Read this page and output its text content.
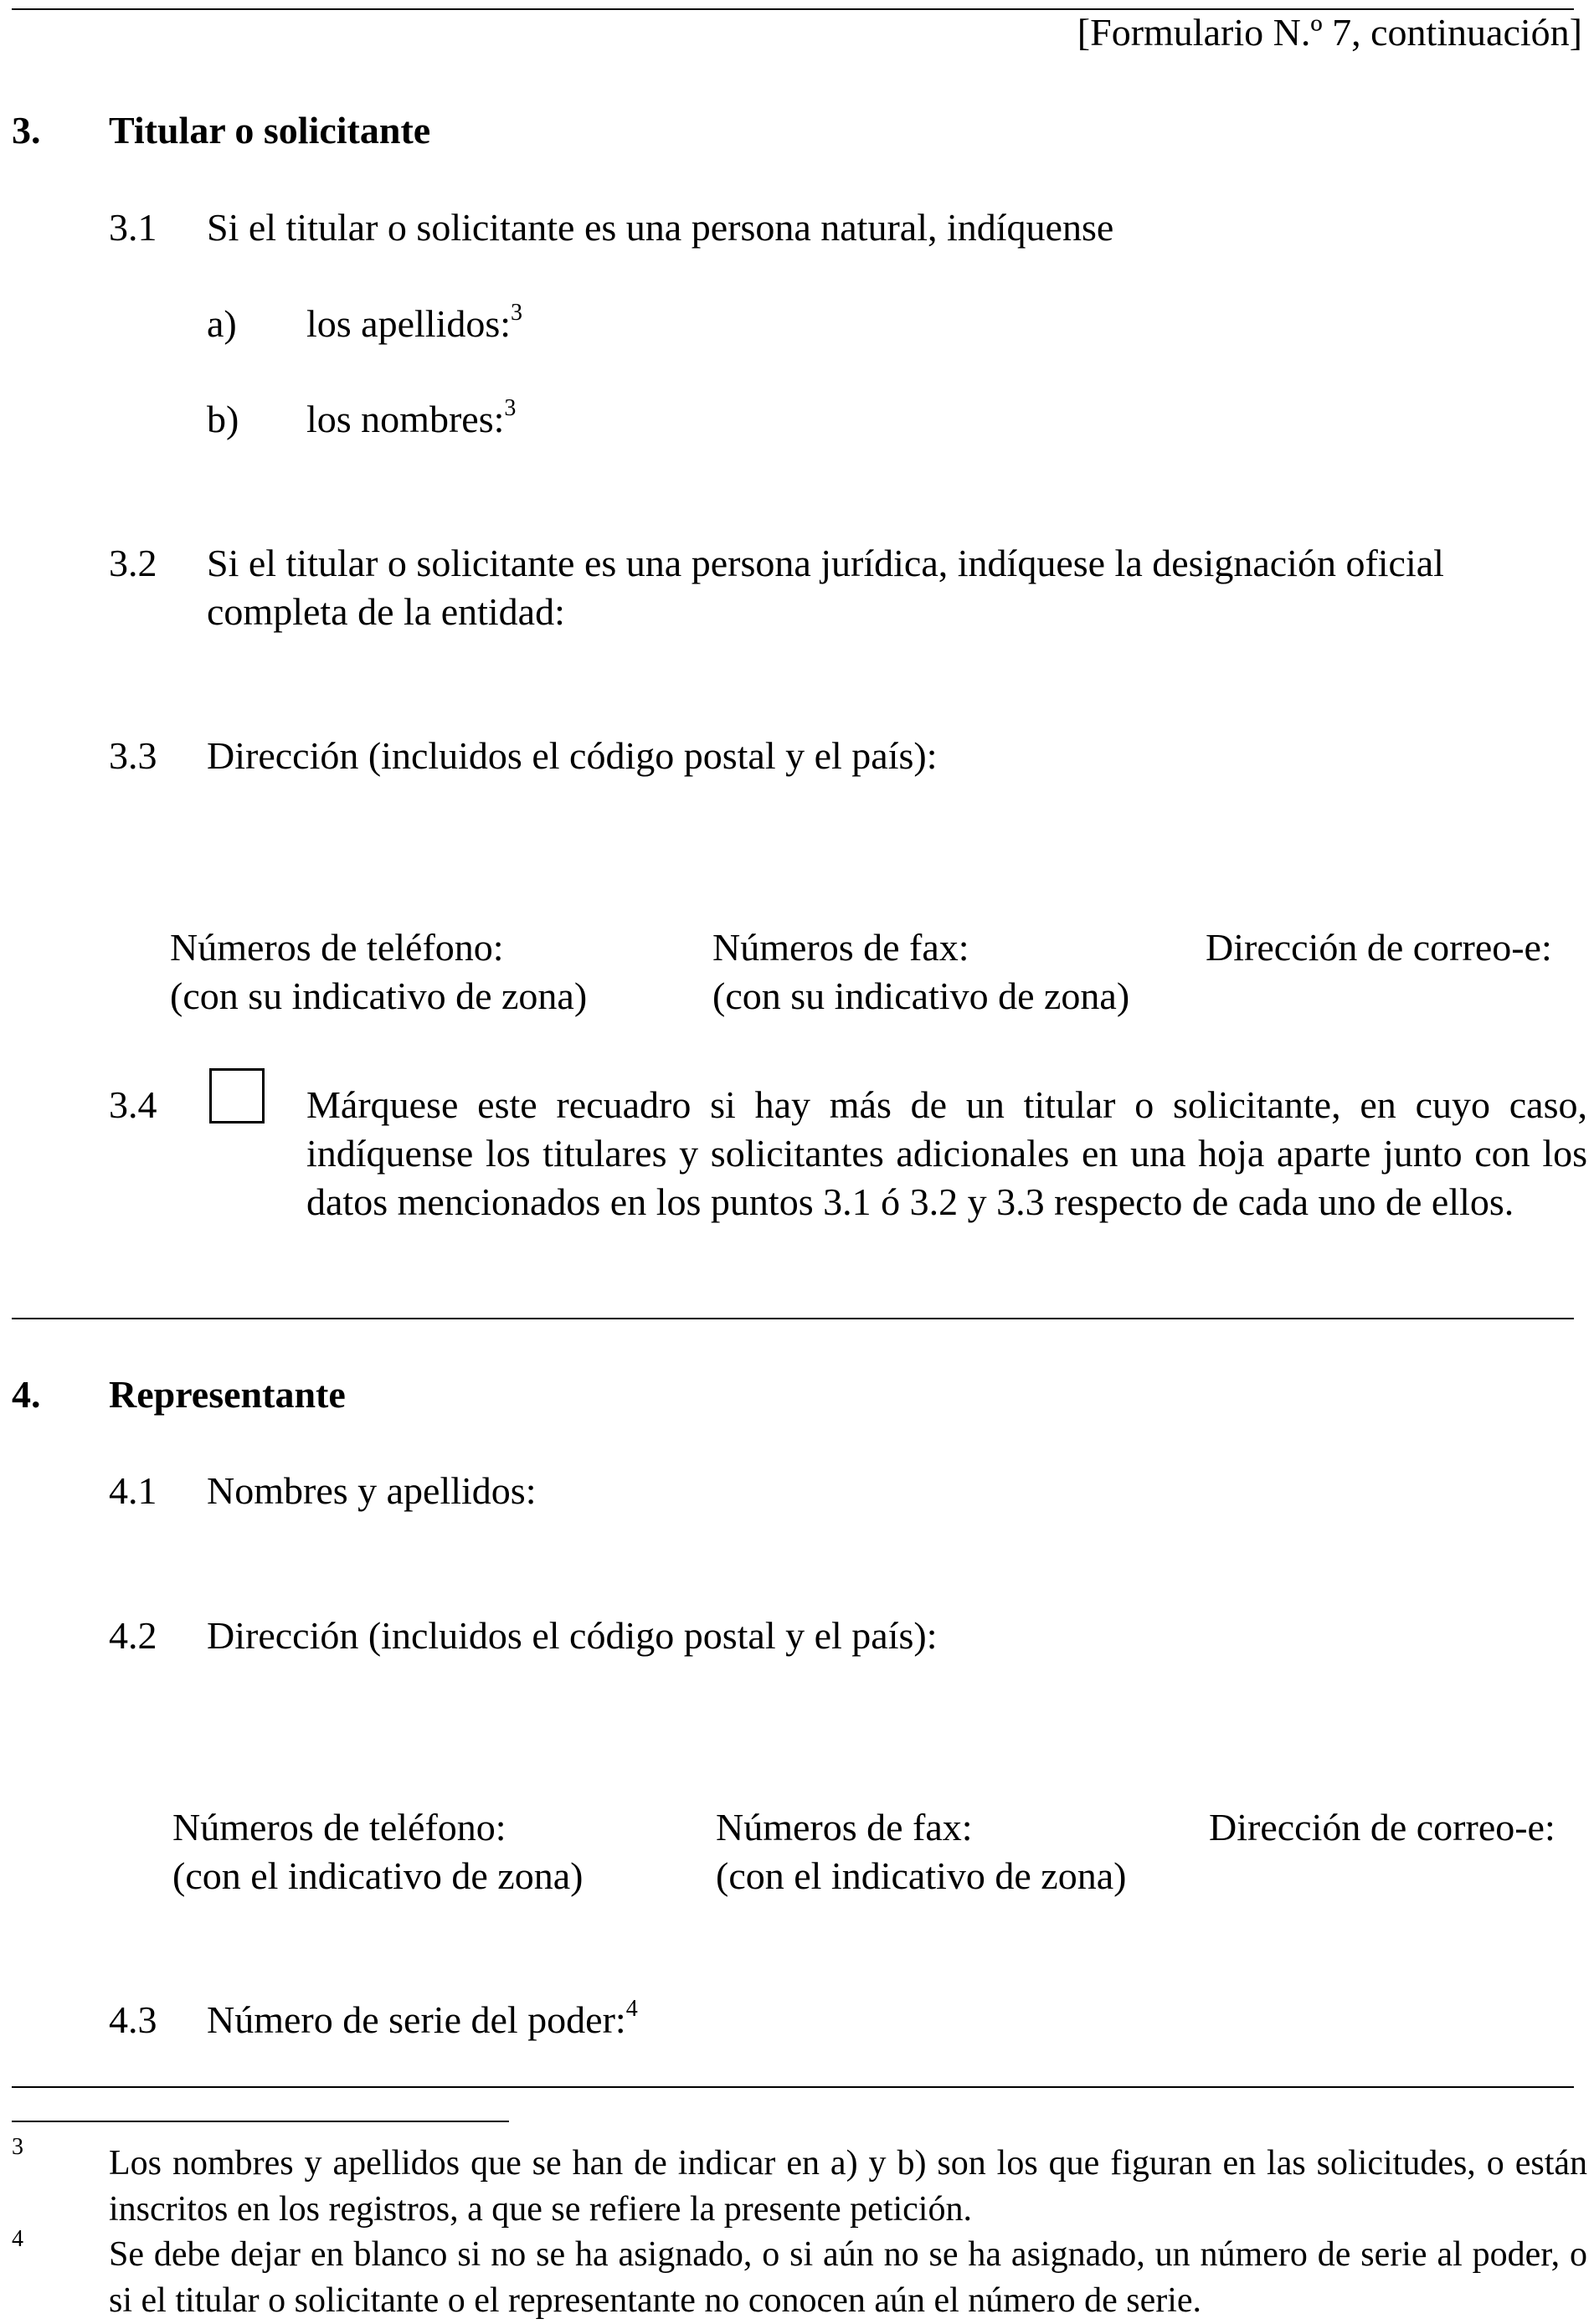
[Formulario N.º 7, continuación]
3. Titular o solicitante
3.1 Si el titular o solicitante es una persona natural, indíquense
a) los apellidos:$^3$
b) los nombres:$^3$
3.2 Si el titular o solicitante es una persona jurídica, indíquese la designación oficial
completa de la entidad:
3.3 Dirección (incluidos el código postal y el país):
Números de teléfono:
(con su indicativo de zona)
Números de fax:
(con su indicativo de zona)
Dirección de correo-e:
3.4	Márquese este recuadro si hay más de un titular o solicitante, en cuyo caso, indíquense los titulares y solicitantes adicionales en una hoja aparte junto con los datos mencionados en los puntos 3.1 ó 3.2 y 3.3 respecto de cada uno de ellos.
4. Representante
4.1 Nombres y apellidos:
4.2 Dirección (incluidos el código postal y el país):
Números de teléfono:
(con el indicativo de zona)
Números de fax:
(con el indicativo de zona)
Dirección de correo-e:
4.3 Número de serie del poder:$^4$
3 Los nombres y apellidos que se han de indicar en a) y b) son los que figuran en las solicitudes, o están inscritos en los registros, a que se refiere la presente petición.
4 Se debe dejar en blanco si no se ha asignado, o si aún no se ha asignado, un número de serie al poder, o si el titular o solicitante o el representante no conocen aún el número de serie.
